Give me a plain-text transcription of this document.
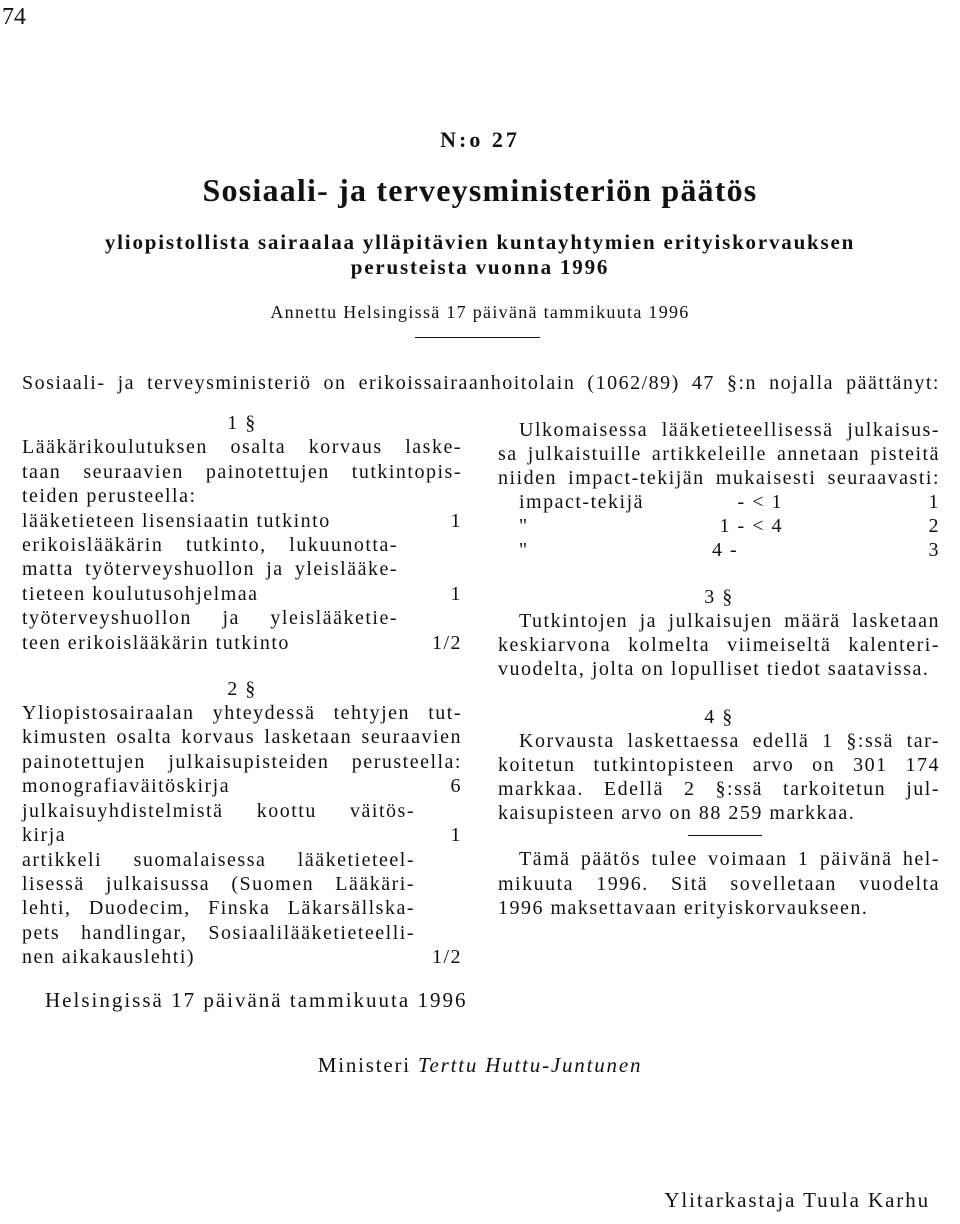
74
N:o 27
Sosiaali- ja terveysministeriön päätös
yliopistollista sairaalaa ylläpitävien kuntayhtymien erityiskorvauksen
perusteista vuonna 1996
Annettu Helsingissä 17 päivänä tammikuuta 1996
Sosiaali- ja terveysministeriö on erikoissairaanhoitolain (1062/89) 47 §:n nojalla päättänyt:
1 §
Lääkärikoulutuksen osalta korvaus laske-
taan seuraavien painotettujen tutkintopis-
teiden perusteella:
lääketieteen lisensiaatin tutkinto	1
erikoislääkärin tutkinto, lukuunotta-
matta työterveyshuollon ja yleislääke-
tieteen koulutusohjelmaa	1
työterveyshuollon ja yleislääketie-
teen erikoislääkärin tutkinto	1/2
2 §
Yliopistosairaalan yhteydessä tehtyjen tut-
kimusten osalta korvaus lasketaan seuraavien
painotettujen julkaisupisteiden perusteella:
monografiaväitöskirja	6
julkaisuyhdistelmistä koottu väitös-
kirja	1
artikkeli suomalaisessa lääketieteel-
lisessä julkaisussa (Suomen Lääkäri-
lehti, Duodecim, Finska Läkarsällska-
pets handlingar, Sosiaalilääketieteelli-
nen aikakauslehti)	1/2
Ulkomaisessa lääketieteellisessä julkaisus-
sa julkaistuille artikkeleille annetaan pisteitä
niiden impact-tekijän mukaisesti seuraavasti:
impact-tekijä	- < 1	1
"	1 - < 4	2
"	4 -	3
3 §
Tutkintojen ja julkaisujen määrä lasketaan
keskiarvona kolmelta viimeiseltä kalenteri-
vuodelta, jolta on lopulliset tiedot saatavissa.
4 §
Korvausta laskettaessa edellä 1 §:ssä tar-
koitetun tutkintopisteen arvo on 301 174
markkaa. Edellä 2 §:ssä tarkoitetun jul-
kaisupisteen arvo on 88 259 markkaa.
Tämä päätös tulee voimaan 1 päivänä hel-
mikuuta 1996. Sitä sovelletaan vuodelta
1996 maksettavaan erityiskorvaukseen.
Helsingissä 17 päivänä tammikuuta 1996
Ministeri Terttu Huttu-Juntunen
Ylitarkastaja Tuula Karhu
